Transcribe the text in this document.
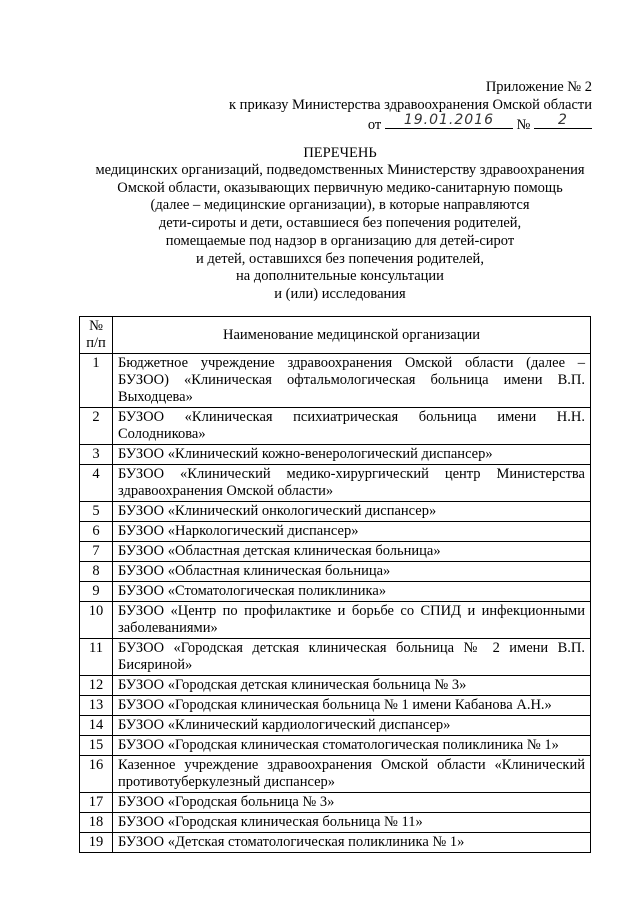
Приложение № 2
к приказу Министерства здравоохранения Омской области
от	19.01.2016	№	2
ПЕРЕЧЕНЬ
медицинских организаций, подведомственных Министерству здравоохранения
Омской области, оказывающих первичную медико-санитарную помощь
(далее – медицинские организации), в которые направляются
дети-сироты и дети, оставшиеся без попечения родителей,
помещаемые под надзор в организацию для детей-сирот
и детей, оставшихся без попечения родителей,
на дополнительные консультации
и (или) исследования
№
п/п	Наименование медицинской организации
1	Бюджетное учреждение здравоохранения Омской области (далее – БУЗОО) «Клиническая офтальмологическая больница имени В.П. Выходцева»
2	БУЗОО «Клиническая психиатрическая больница имени Н.Н. Солодникова»
3	БУЗОО «Клинический кожно-венерологический диспансер»
4	БУЗОО «Клинический медико-хирургический центр Министерства здравоохранения Омской области»
5	БУЗОО «Клинический онкологический диспансер»
6	БУЗОО «Наркологический диспансер»
7	БУЗОО «Областная детская клиническая больница»
8	БУЗОО «Областная клиническая больница»
9	БУЗОО «Стоматологическая поликлиника»
10	БУЗОО «Центр по профилактике и борьбе со СПИД и инфекционными заболеваниями»
11	БУЗОО «Городская детская клиническая больница № 2 имени В.П. Бисяриной»
12	БУЗОО «Городская детская клиническая больница № 3»
13	БУЗОО «Городская клиническая больница № 1 имени Кабанова А.Н.»
14	БУЗОО «Клинический кардиологический диспансер»
15	БУЗОО «Городская клиническая стоматологическая поликлиника № 1»
16	Казенное учреждение здравоохранения Омской области «Клинический противотуберкулезный диспансер»
17	БУЗОО «Городская больница № 3»
18	БУЗОО «Городская клиническая больница № 11»
19	БУЗОО «Детская стоматологическая поликлиника № 1»
